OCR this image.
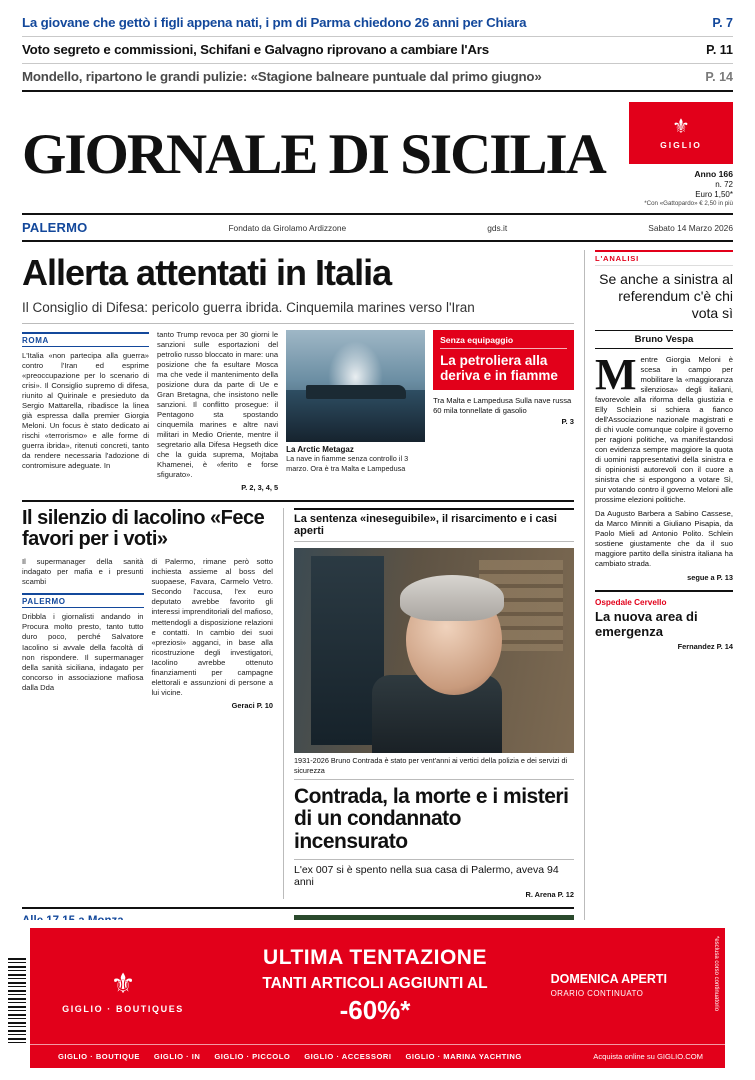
La giovane che gettò i figli appena nati, i pm di Parma chiedono 26 anni per Chiara	P. 7
Voto segreto e commissioni, Schifani e Galvagno riprovano a cambiare l'Ars	P. 11
Mondello, ripartono le grandi pulizie: «Stagione balneare puntuale dal primo giugno»	P. 14
GIORNALE DI SICILIA	⚜
GIGLIO
Anno 166
n. 72
Euro 1,50*
*Con «Gattopardo» € 2,50 in più
PALERMO	Fondato da Girolamo Ardizzone	gds.it	Sabato 14 Marzo 2026
Allerta attentati in Italia
Il Consiglio di Difesa: pericolo guerra ibrida. Cinquemila marines verso l'Iran
ROMA
L'Italia «non partecipa alla guerra» contro l'Iran ed esprime «preoccupazione per lo scenario di crisi». Il Consiglio supremo di difesa, riunito al Quirinale e presieduto da Sergio Mattarella, ribadisce la linea già espressa dalla premier Giorgia Meloni. Un focus è stato dedicato ai rischi «terrorismo» e alle forme di guerra ibrida», ritenuti concreti, tanto da rendere necessaria l'adozione di contromisure adeguate. In
tanto Trump revoca per 30 giorni le sanzioni sulle esportazioni del petrolio russo bloccato in mare: una posizione che fa esultare Mosca ma che vede il mantenimento della posizione dura da parte di Ue e Gran Bretagna, che insistono nelle sanzioni. Il conflitto prosegue: il Pentagono sta spostando cinquemila marines e altre navi militari in Medio Oriente, mentre il segretario alla Difesa Hegseth dice che la guida suprema, Mojtaba Khamenei, è «ferito e forse sfigurato».
P. 2, 3, 4, 5
La Arctic Metagaz
La nave in fiamme senza controllo il 3 marzo. Ora è tra Malta e Lampedusa
Senza equipaggio
La petroliera alla deriva e in fiamme
Tra Malta e Lampedusa Sulla nave russa 60 mila tonnellate di gasolio
P. 3
Il silenzio di Iacolino «Fece favori per i voti»
Il supermanager della sanità indagato per mafia e i presunti scambi
PALERMO
Dribbla i giornalisti andando in Procura molto presto, tanto tutto duro poco, perché Salvatore Iacolino si avvale della facoltà di non rispondere. Il supermanager della sanità siciliana, indagato per concorso in associazione mafiosa dalla Dda
di Palermo, rimane però sotto inchiesta assieme al boss del suopaese, Favara, Carmelo Vetro. Secondo l'accusa, l'ex euro deputato avrebbe favorito gli interessi imprenditoriali del mafioso, mettendogli a disposizione relazioni e contatti. In cambio dei suoi «preziosi» agganci, in base alla ricostruzione degli investigatori, Iacolino avrebbe ottenuto finanziamenti per campagne elettorali e assunzioni di persone a lui vicine.
Geraci P. 10
La sentenza «ineseguibile», il risarcimento e i casi aperti
1931-2026 Bruno Contrada è stato per vent'anni ai vertici della polizia e dei servizi di sicurezza
Contrada, la morte e i misteri di un condannato incensurato
L'ex 007 si è spento nella sua casa di Palermo, aveva 94 anni
R. Arena P. 12
L'ANALISI
Se anche a sinistra al referendum c'è chi vota sì
Bruno Vespa

Mentre Giorgia Meloni è scesa in campo per mobilitare la «maggioranza silenziosa» degli italiani, favorevole alla riforma della giustizia e Elly Schlein si schiera a fianco dell'Associazione nazionale magistrati e di chi vuole comunque colpire il governo per ragioni politiche, va manifestandosi con evidenza sempre maggiore la quota di uomini rappresentativi della sinistra e di opinionisti autorevoli con il cuore a sinistra che si espongono a votare Sì, pur votando contro il governo Meloni alle prossime elezioni politiche.

Da Augusto Barbera a Sabino Cassese, da Marco Minniti a Giuliano Pisapia, da Paolo Mieli ad Antonio Polito. Schlein sostiene giustamente che da il suo maggiore partito della sinistra italiana ha cambiato strada.

segue a P. 13
Ospedale Cervello
La nuova area di emergenza
Fernandez P. 14
⚜
GIGLIO · BOUTIQUES
ULTIMA TENTAZIONE
TANTI ARTICOLI AGGIUNTI AL
-60%*
DOMENICA APERTI
ORARIO CONTINUATO	*esclusa corso continuatorio
GIGLIO · BOUTIQUE GIGLIO · IN GIGLIO · PICCOLO GIGLIO · ACCESSORI GIGLIO · MARINA YACHTING	Acquista online su GIGLIO.COM
